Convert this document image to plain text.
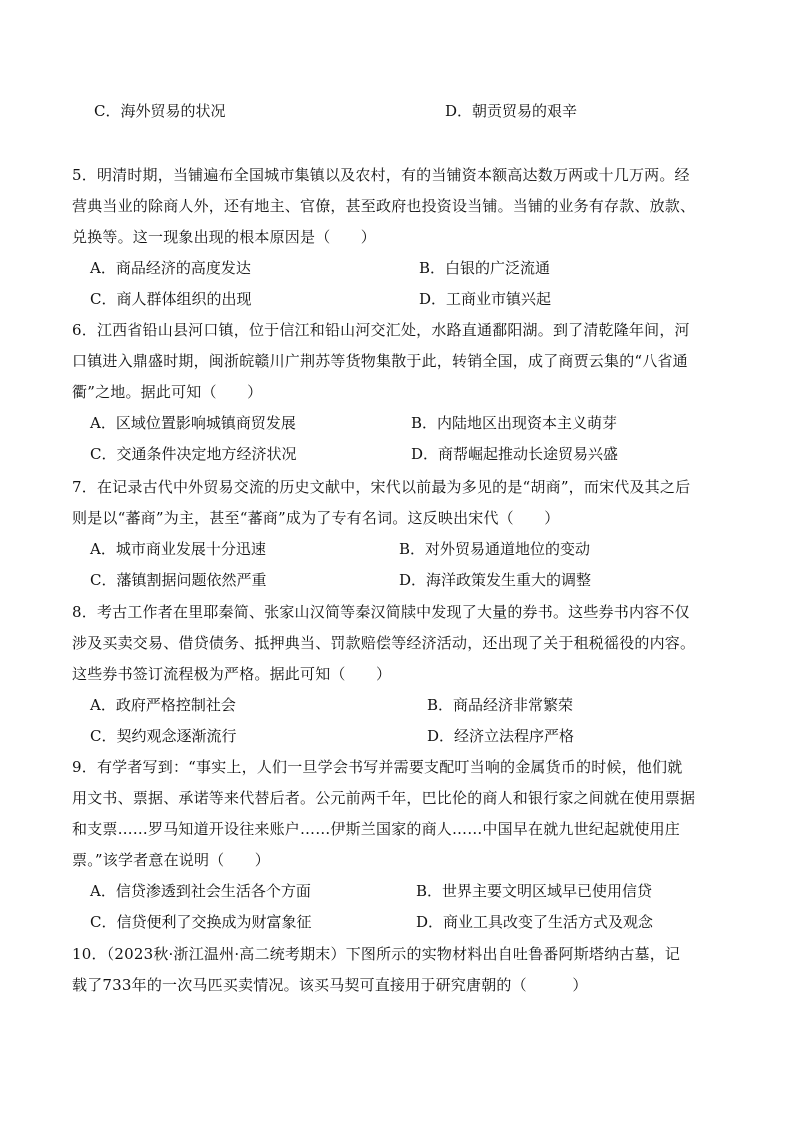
C．海外贸易的状况	D．朝贡贸易的艰辛
5．明清时期，当铺遍布全国城市集镇以及农村，有的当铺资本额高达数万两或十几万两。经
营典当业的除商人外，还有地主、官僚，甚至政府也投资设当铺。当铺的业务有存款、放款、
兑换等。这一现象出现的根本原因是（　　）
A．商品经济的高度发达	B．白银的广泛流通
C．商人群体组织的出现	D．工商业市镇兴起
6．江西省铅山县河口镇，位于信江和铅山河交汇处，水路直通鄱阳湖。到了清乾隆年间，河
口镇进入鼎盛时期，闽浙皖赣川广荆苏等货物集散于此，转销全国，成了商贾云集的“八省通
衢”之地。据此可知（　　）
A．区域位置影响城镇商贸发展	B．内陆地区出现资本主义萌芽
C．交通条件决定地方经济状况	D．商帮崛起推动长途贸易兴盛
7．在记录古代中外贸易交流的历史文献中，宋代以前最为多见的是“胡商”，而宋代及其之后
则是以“蕃商”为主，甚至“蕃商”成为了专有名词。这反映出宋代（　　）
A．城市商业发展十分迅速	B．对外贸易通道地位的变动
C．藩镇割据问题依然严重	D．海洋政策发生重大的调整
8．考古工作者在里耶秦简、张家山汉简等秦汉简牍中发现了大量的券书。这些券书内容不仅
涉及买卖交易、借贷债务、抵押典当、罚款赔偿等经济活动，还出现了关于租税徭役的内容。
这些券书签订流程极为严格。据此可知（　　）
A．政府严格控制社会	B．商品经济非常繁荣
C．契约观念逐渐流行	D．经济立法程序严格
9．有学者写到：“事实上，人们一旦学会书写并需要支配叮当响的金属货币的时候，他们就
用文书、票据、承诺等来代替后者。公元前两千年，巴比伦的商人和银行家之间就在使用票据
和支票……罗马知道开设往来账户……伊斯兰国家的商人……中国早在就九世纪起就使用庄
票。”该学者意在说明（　　）
A．信贷渗透到社会生活各个方面	B．世界主要文明区域早已使用信贷
C．信贷便利了交换成为财富象征	D．商业工具改变了生活方式及观念
10．（2023秋·浙江温州·高二统考期末）下图所示的实物材料出自吐鲁番阿斯塔纳古墓，记
载了733年的一次马匹买卖情况。该买马契可直接用于研究唐朝的（　　　）
